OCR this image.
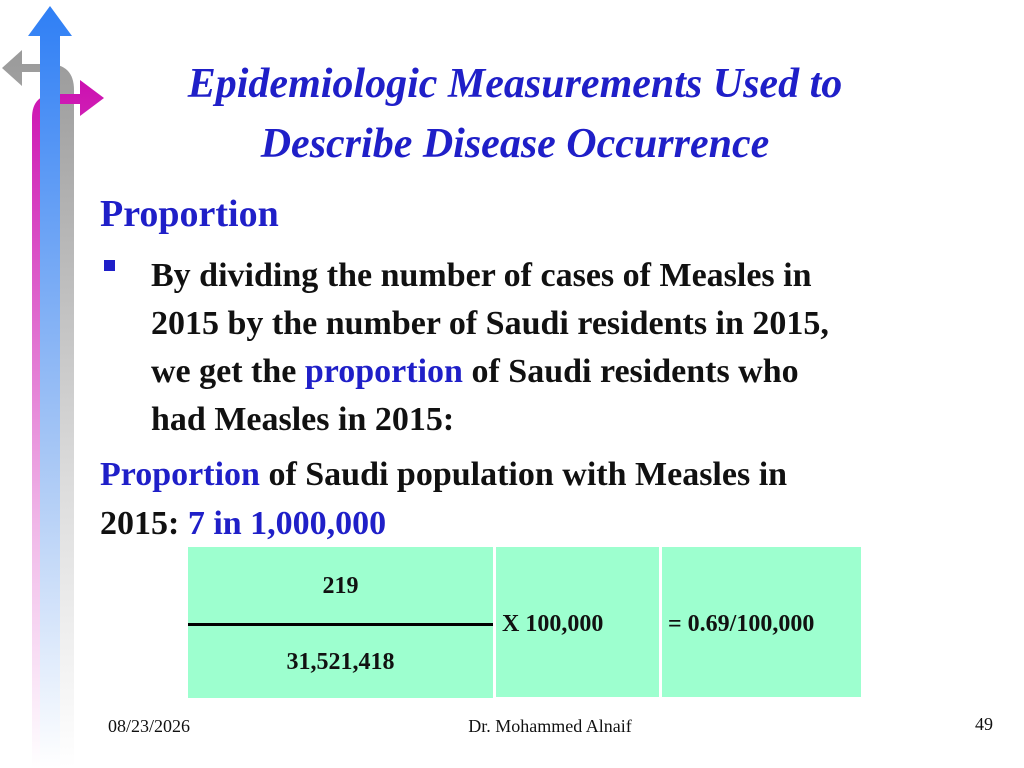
Epidemiologic Measurements Used to
Describe Disease Occurrence
Proportion
By dividing the number of cases of Measles in
2015 by the number of Saudi residents in 2015,
we get the proportion of Saudi residents who
had Measles in 2015:
Proportion of Saudi population with Measles in
2015: 7 in 1,000,000
219
31,521,418
X 100,000	= 0.69/100,000
08/23/2026	Dr. Mohammed Alnaif	49
